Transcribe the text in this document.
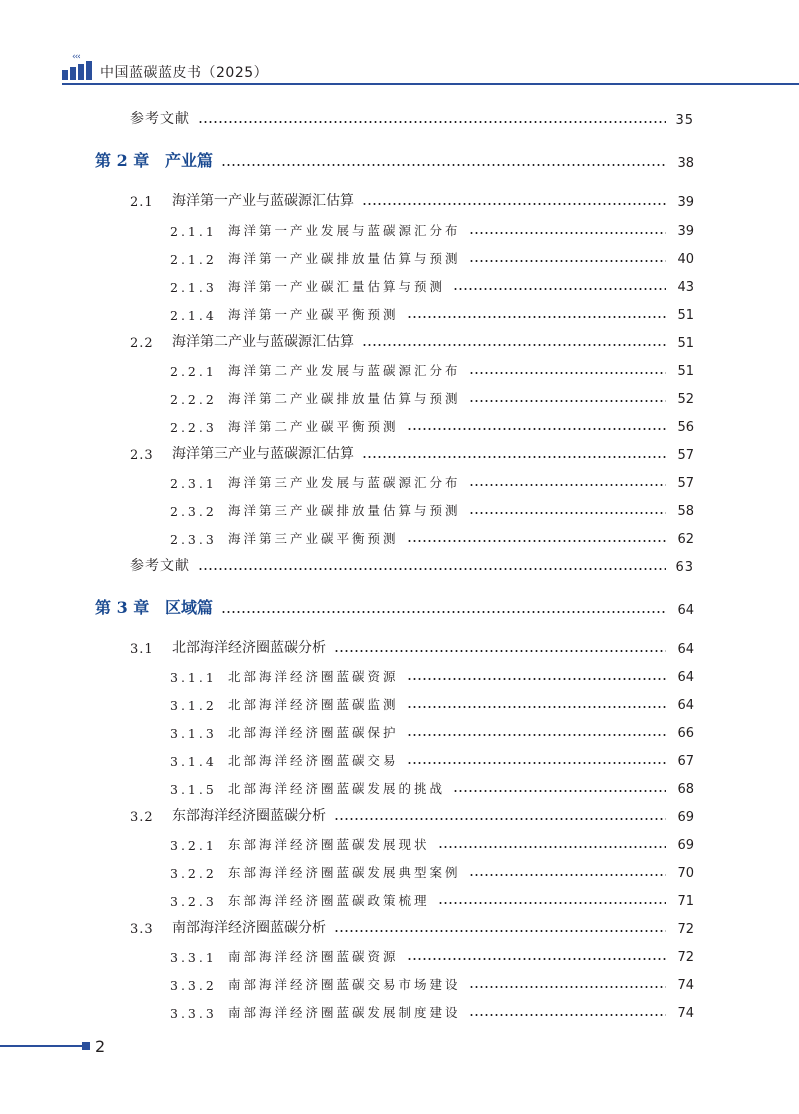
‹‹‹
中国蓝碳蓝皮书（2025）
参考文献	35
第 2 章 产业篇	38
2.1	海洋第一产业与蓝碳源汇估算	39
2.1.1 海洋第一产业发展与蓝碳源汇分布	39
2.1.2 海洋第一产业碳排放量估算与预测	40
2.1.3 海洋第一产业碳汇量估算与预测	43
2.1.4 海洋第一产业碳平衡预测	51
2.2	海洋第二产业与蓝碳源汇估算	51
2.2.1 海洋第二产业发展与蓝碳源汇分布	51
2.2.2 海洋第二产业碳排放量估算与预测	52
2.2.3 海洋第二产业碳平衡预测	56
2.3	海洋第三产业与蓝碳源汇估算	57
2.3.1 海洋第三产业发展与蓝碳源汇分布	57
2.3.2 海洋第三产业碳排放量估算与预测	58
2.3.3 海洋第三产业碳平衡预测	62
参考文献	63
第 3 章 区域篇	64
3.1	北部海洋经济圈蓝碳分析	64
3.1.1 北部海洋经济圈蓝碳资源	64
3.1.2 北部海洋经济圈蓝碳监测	64
3.1.3 北部海洋经济圈蓝碳保护	66
3.1.4 北部海洋经济圈蓝碳交易	67
3.1.5 北部海洋经济圈蓝碳发展的挑战	68
3.2	东部海洋经济圈蓝碳分析	69
3.2.1 东部海洋经济圈蓝碳发展现状	69
3.2.2 东部海洋经济圈蓝碳发展典型案例	70
3.2.3 东部海洋经济圈蓝碳政策梳理	71
3.3	南部海洋经济圈蓝碳分析	72
3.3.1 南部海洋经济圈蓝碳资源	72
3.3.2 南部海洋经济圈蓝碳交易市场建设	74
3.3.3 南部海洋经济圈蓝碳发展制度建设	74
2
